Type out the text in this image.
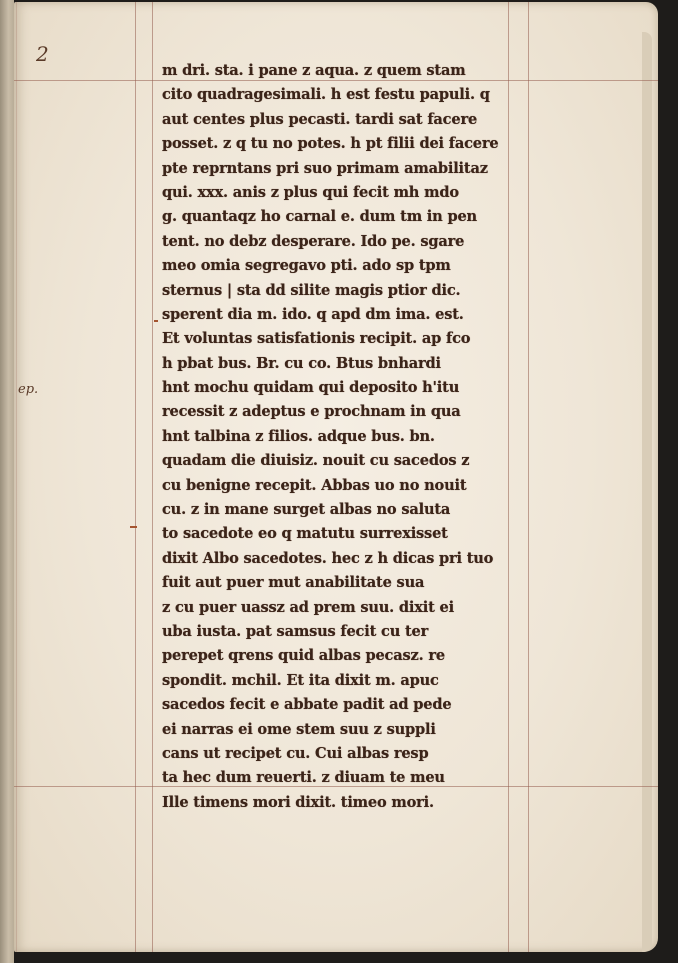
2
ep.
m dri. sta. i pane z aqua. z quem stam
cito quadragesimali. h est festu papuli. q
aut centes plus pecasti. tardi sat facere
posset. z q tu no potes. h pt filii dei facere
pte reprntans pri suo primam amabilitaz
qui. xxx. anis z plus qui fecit mh mdo
g. quantaqz ho carnal e. dum tm in pen
tent. no debz desperare. Ido pe. sgare
meo omia segregavo pti. ado sp tpm
sternus | sta dd silite magis ptior dic.
sperent dia m. ido. q apd dm ima. est.
Et voluntas satisfationis recipit. ap fco
h pbat bus. Br. cu co. Btus bnhardi
hnt mochu quidam qui deposito h'itu
recessit z adeptus e prochnam in qua
hnt talbina z filios. adque bus. bn.
quadam die diuisiz. nouit cu sacedos z
cu benigne recepit. Abbas uo no nouit
cu. z in mane surget albas no saluta
to sacedote eo q matutu surrexisset
dixit Albo sacedotes. hec z h dicas pri tuo
fuit aut puer mut anabilitate sua
z cu puer uassz ad prem suu. dixit ei
uba iusta. pat samsus fecit cu ter
perepet qrens quid albas pecasz. re
spondit. mchil. Et ita dixit m. apuc
sacedos fecit e abbate padit ad pede
ei narras ei ome stem suu z suppli
cans ut recipet cu. Cui albas resp
ta hec dum reuerti. z diuam te meu
Ille timens mori dixit. timeo mori.
